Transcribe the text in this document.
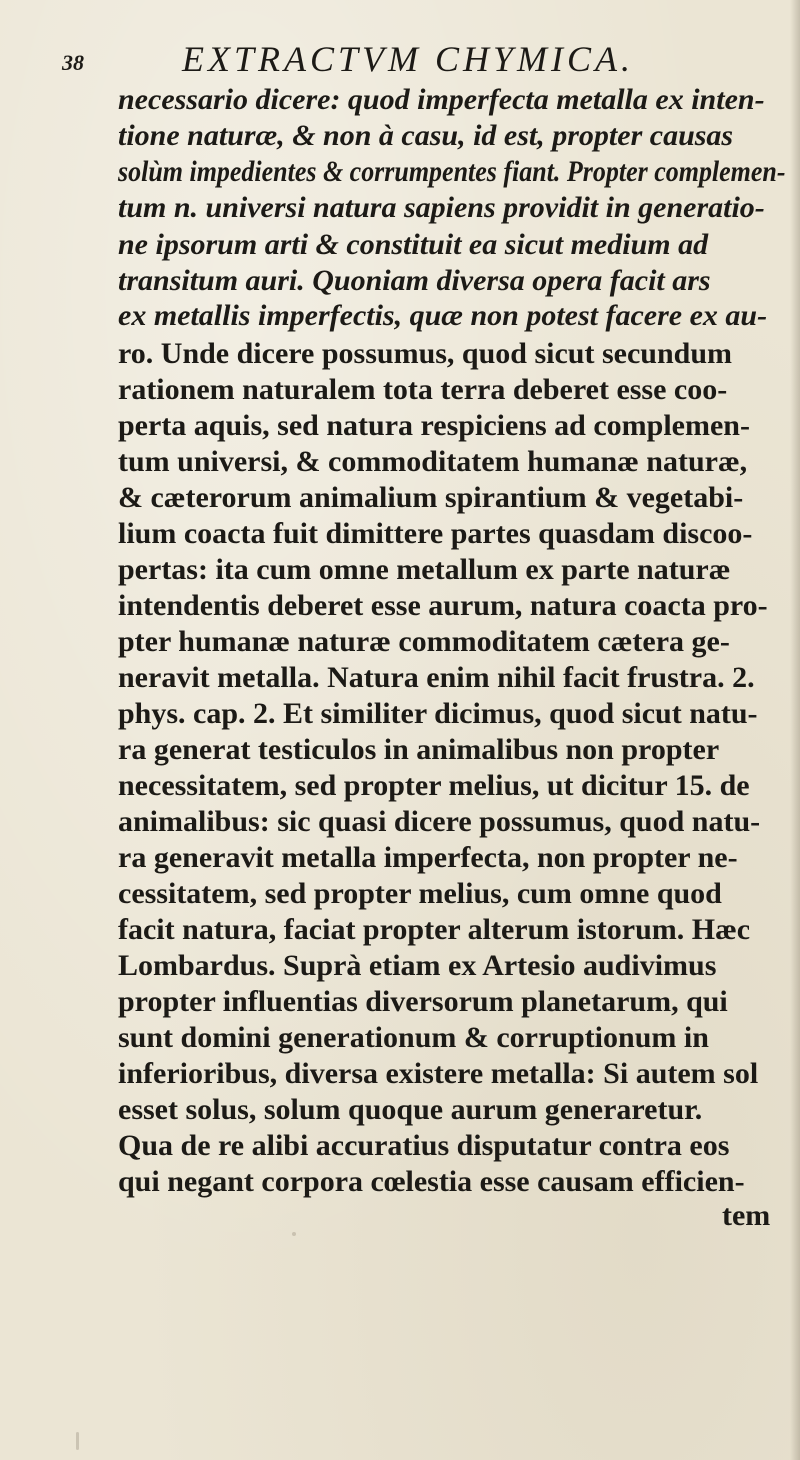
38	EXTRACTVM CHYMICA.
necessario dicere: quod imperfecta metalla ex inten-
tione naturæ, & non à casu, id est, propter causas
solùm impedientes & corrumpentes fiant. Propter complemen-
tum n. universi natura sapiens providit in generatio-
ne ipsorum arti & constituit ea sicut medium ad
transitum auri. Quoniam diversa opera facit ars
ex metallis imperfectis, quæ non potest facere ex au-
ro. Unde dicere possumus, quod sicut secundum
rationem naturalem tota terra deberet esse coo-
perta aquis, sed natura respiciens ad complemen-
tum universi, & commoditatem humanæ naturæ,
& cæterorum animalium spirantium & vegetabi-
lium coacta fuit dimittere partes quasdam discoo-
pertas: ita cum omne metallum ex parte naturæ
intendentis deberet esse aurum, natura coacta pro-
pter humanæ naturæ commoditatem cætera ge-
neravit metalla. Natura enim nihil facit frustra. 2.
phys. cap. 2. Et similiter dicimus, quod sicut natu-
ra generat testiculos in animalibus non propter
necessitatem, sed propter melius, ut dicitur 15. de
animalibus: sic quasi dicere possumus, quod natu-
ra generavit metalla imperfecta, non propter ne-
cessitatem, sed propter melius, cum omne quod
facit natura, faciat propter alterum istorum. Hæc
Lombardus. Suprà etiam ex Artesio audivimus
propter influentias diversorum planetarum, qui
sunt domini generationum & corruptionum in
inferioribus, diversa existere metalla: Si autem sol
esset solus, solum quoque aurum generaretur.
Qua de re alibi accuratius disputatur contra eos
qui negant corpora cœlestia esse causam efficien-
tem
